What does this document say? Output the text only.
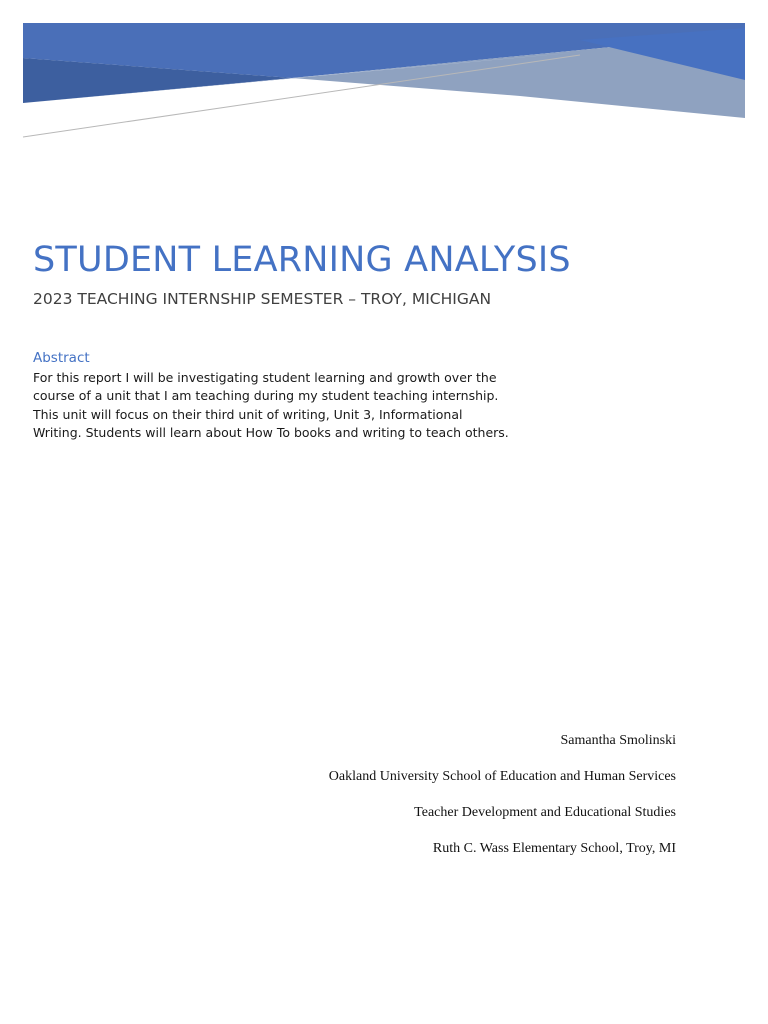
STUDENT LEARNING ANALYSIS
2023 TEACHING INTERNSHIP SEMESTER – TROY, MICHIGAN
Abstract
For this report I will be investigating student learning and growth over the
course of a unit that I am teaching during my student teaching internship.
This unit will focus on their third unit of writing, Unit 3, Informational
Writing. Students will learn about How To books and writing to teach others.

Samantha Smolinski

Oakland University School of Education and Human Services

Teacher Development and Educational Studies

Ruth C. Wass Elementary School, Troy, MI
